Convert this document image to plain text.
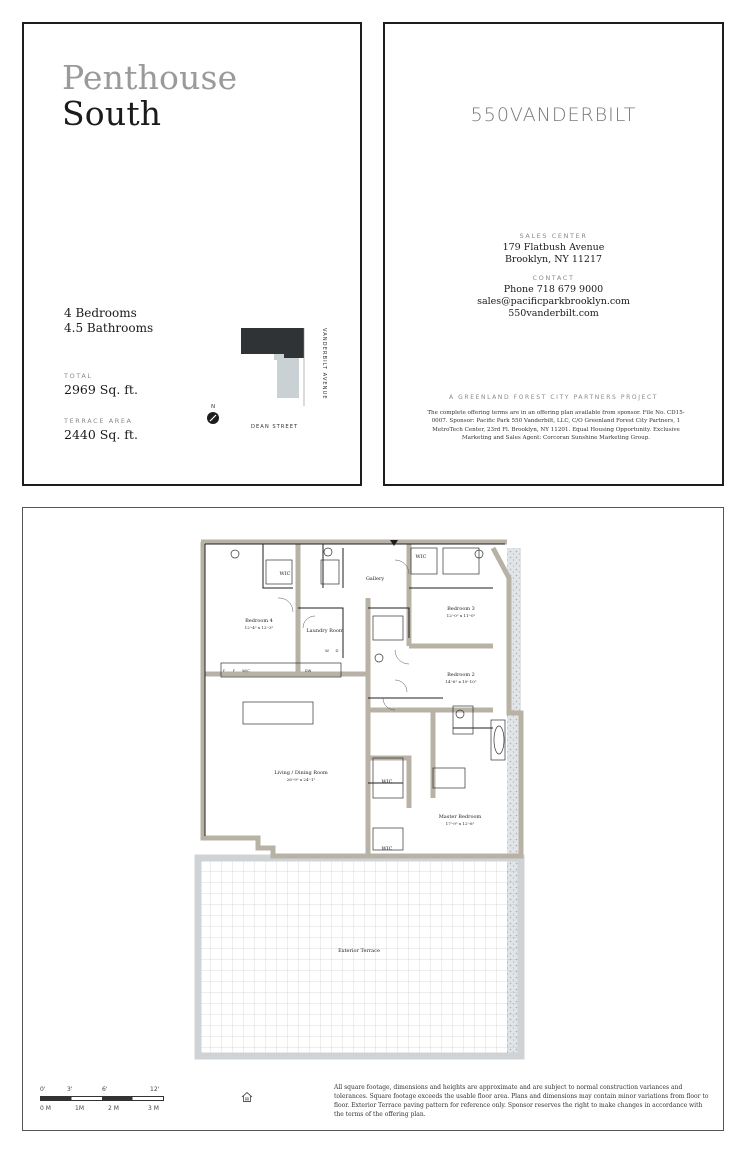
Penthouse
South
4 Bedrooms
4.5 Bathrooms
TOTAL
2969 Sq. ft.
TERRACE AREA
2440 Sq. ft.
N
DEAN STREET
VANDERBILT AVENUE
550VANDERBILT
SALES CENTER
179 Flatbush Avenue
Brooklyn, NY 11217
CONTACT
Phone 718 679 9000
sales@pacificparkbrooklyn.com
550vanderbilt.com
A GREENLAND FOREST CITY PARTNERS PROJECT
The complete offering terms are in an offering plan available from sponsor. File No. CD15-0007. Sponsor: Pacific Park 550 Vanderbilt, LLC, C/O Greenland Forest City Partners, 1 MetroTech Center, 23rd Fl. Brooklyn, NY 11201. Equal Housing Opportunity. Exclusive Marketing and Sales Agent: Corcoran Sunshine Marketing Group.
Gallery
WIC
WIC
Bedroom 4
12'-4" x 12'-3"
Laundry Room
Bedroom 3
12'-0" x 11'-0"
Bedroom 2
14'-6" x 10'-10"
Living / Dining Room
26'-9" x 24'-1"	WIC
WIC
Master Bedroom
17'-9" x 12'-6"
Exterior Terrace
F F W/C	DW
W D
0'	3'	6'	12'
0 M	1M	2 M	3 M
All square footage, dimensions and heights are approximate and are subject to normal construction variances and tolerances. Square footage exceeds the usable floor area. Plans and dimensions may contain minor variations from floor to floor. Exterior Terrace paving pattern for reference only. Sponsor reserves the right to make changes in accordance with the terms of the offering plan.
